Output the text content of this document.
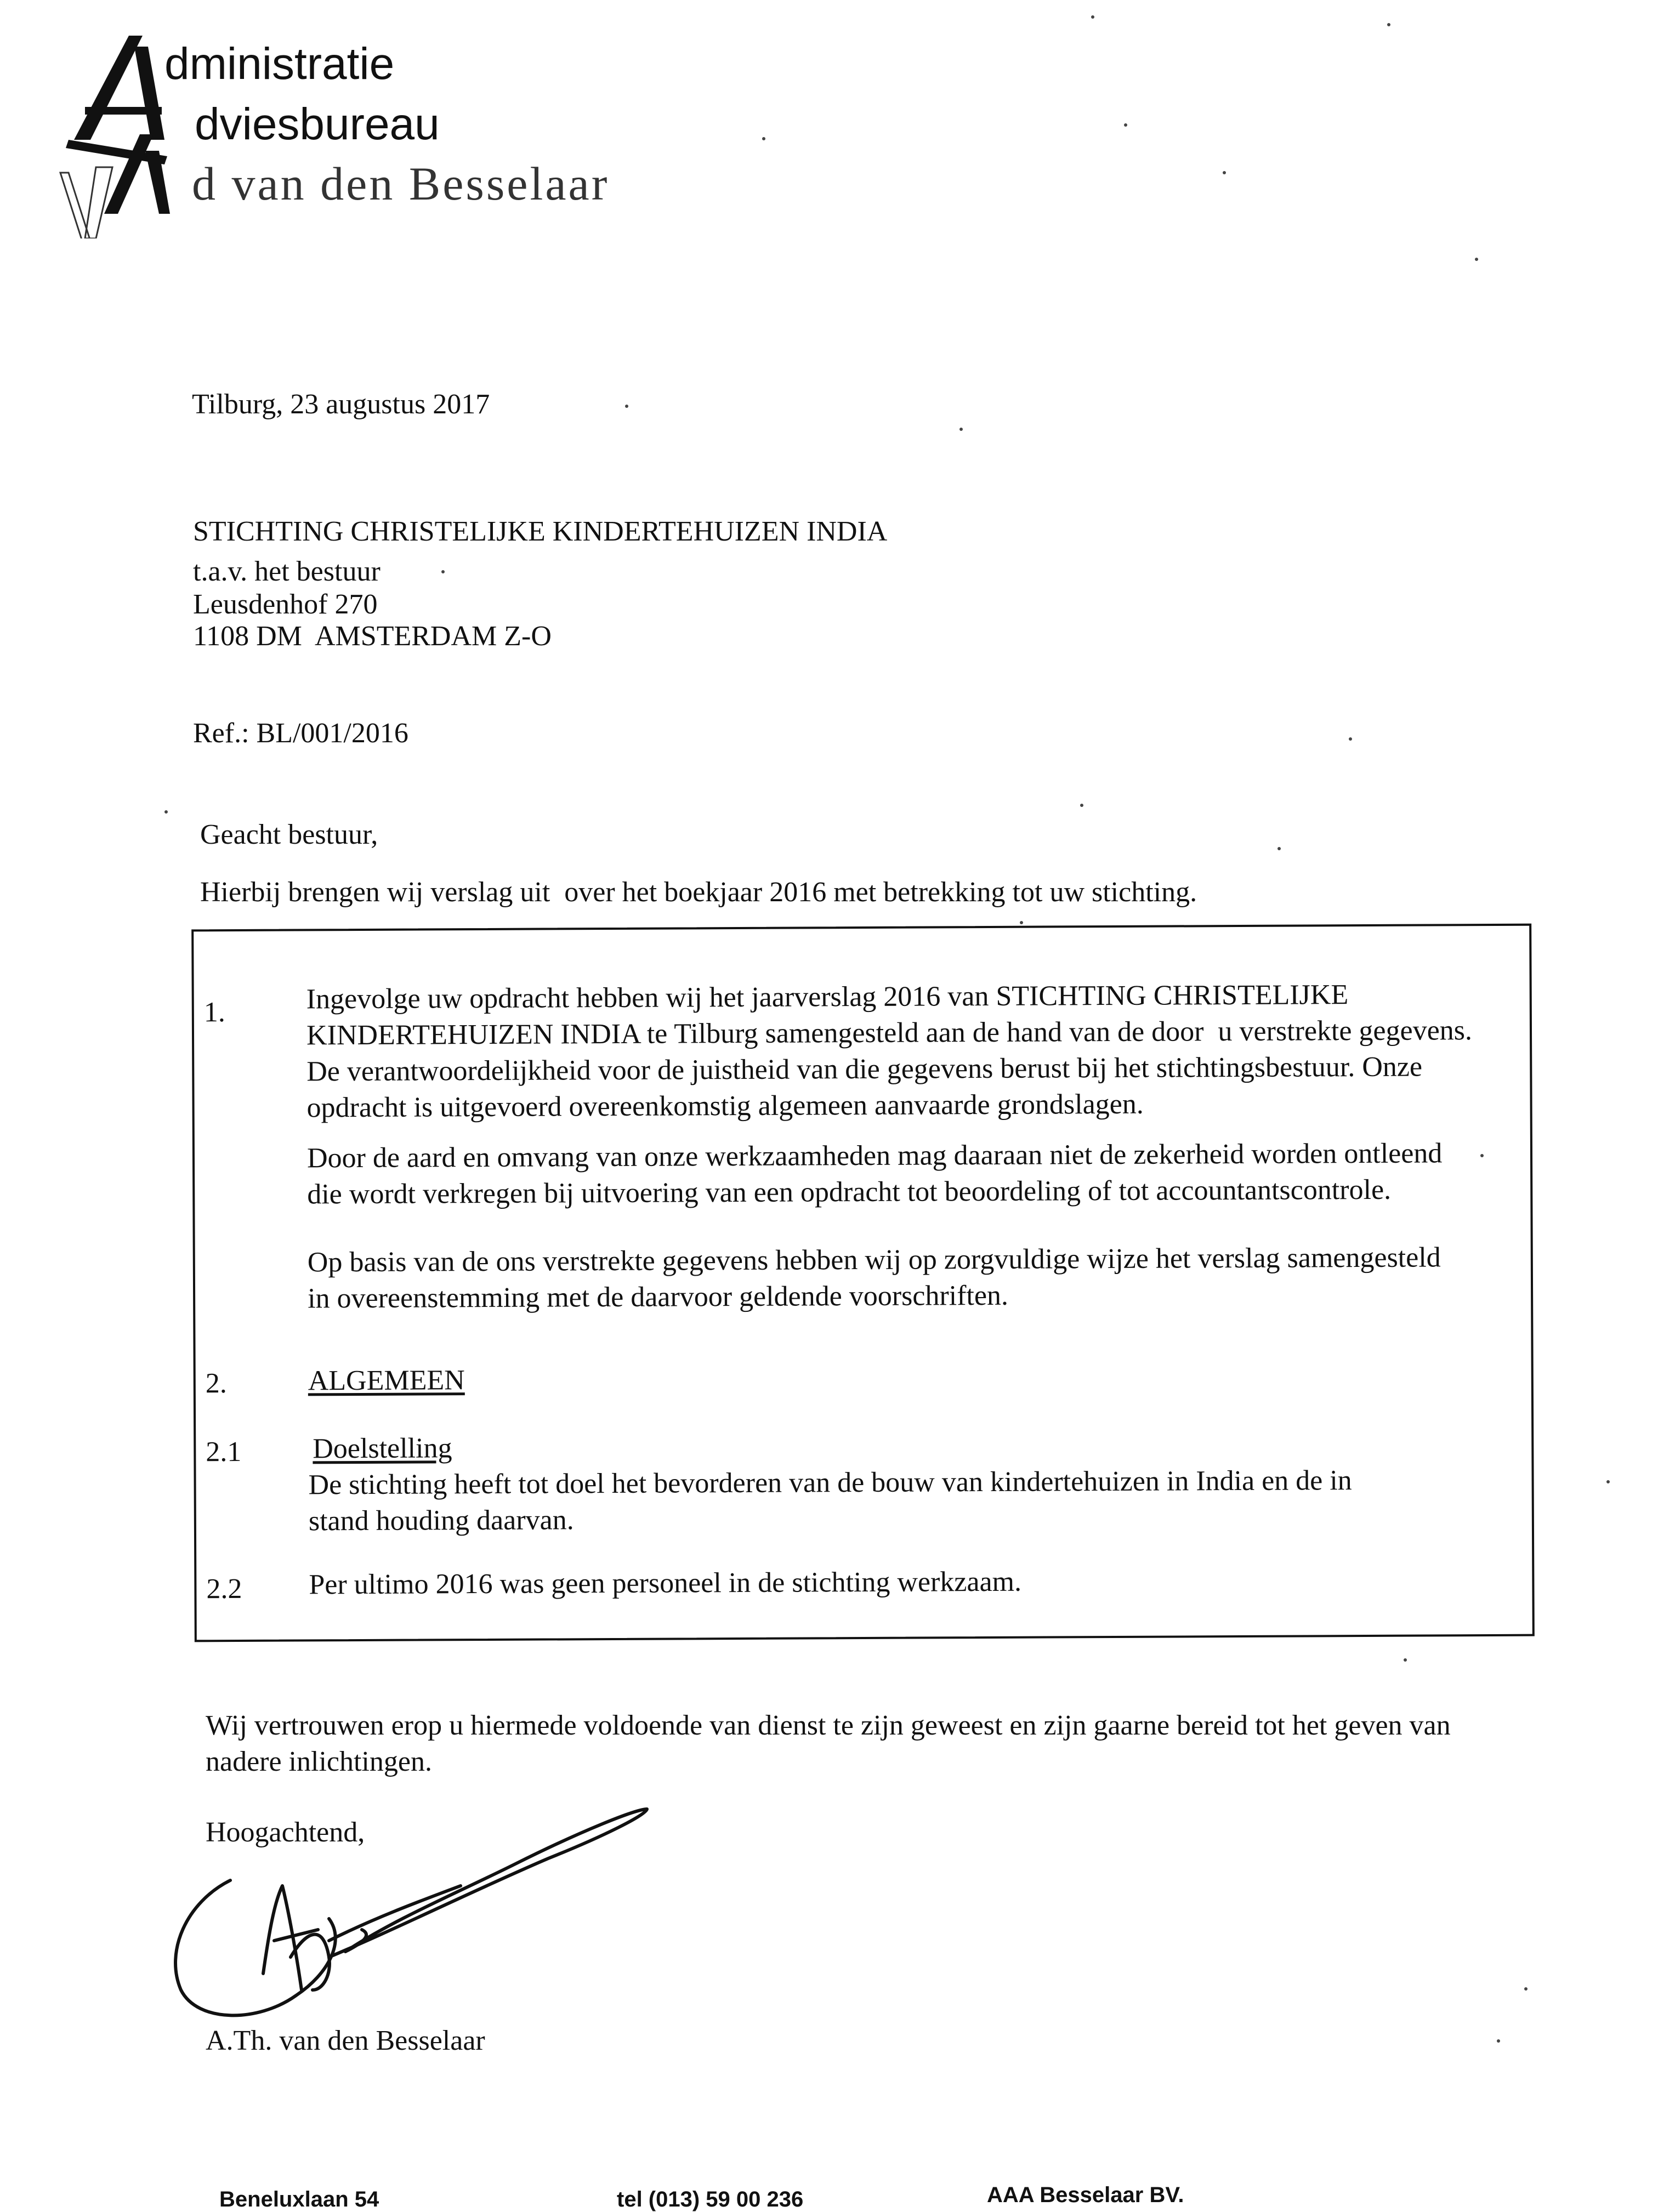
dministratie
dviesbureau
d van den Besselaar
Tilburg, 23 augustus 2017
STICHTING CHRISTELIJKE KINDERTEHUIZEN INDIA
t.a.v. het bestuur
Leusdenhof 270
1108 DM  AMSTERDAM Z-O
Ref.: BL/001/2016
Geacht bestuur,
Hierbij brengen wij verslag uit  over het boekjaar 2016 met betrekking tot uw stichting.
1.	Ingevolge uw opdracht hebben wij het jaarverslag 2016 van STICHTING CHRISTELIJKE
KINDERTEHUIZEN INDIA te Tilburg samengesteld aan de hand van de door  u verstrekte gegevens.
De verantwoordelijkheid voor de juistheid van die gegevens berust bij het stichtingsbestuur. Onze
opdracht is uitgevoerd overeenkomstig algemeen aanvaarde grondslagen.
Door de aard en omvang van onze werkzaamheden mag daaraan niet de zekerheid worden ontleend
die wordt verkregen bij uitvoering van een opdracht tot beoordeling of tot accountantscontrole.
Op basis van de ons verstrekte gegevens hebben wij op zorgvuldige wijze het verslag samengesteld
in overeenstemming met de daarvoor geldende voorschriften.
2.	ALGEMEEN
2.1 Doelstelling
De stichting heeft tot doel het bevorderen van de bouw van kindertehuizen in India en de in
stand houding daarvan.
2.2 Per ultimo 2016 was geen personeel in de stichting werkzaam.
Wij vertrouwen erop u hiermede voldoende van dienst te zijn geweest en zijn gaarne bereid tot het geven van
nadere inlichtingen.
Hoogachtend,
A.Th. van den Besselaar
Beneluxlaan 54	tel (013) 59 00 236	AAA Besselaar BV.
